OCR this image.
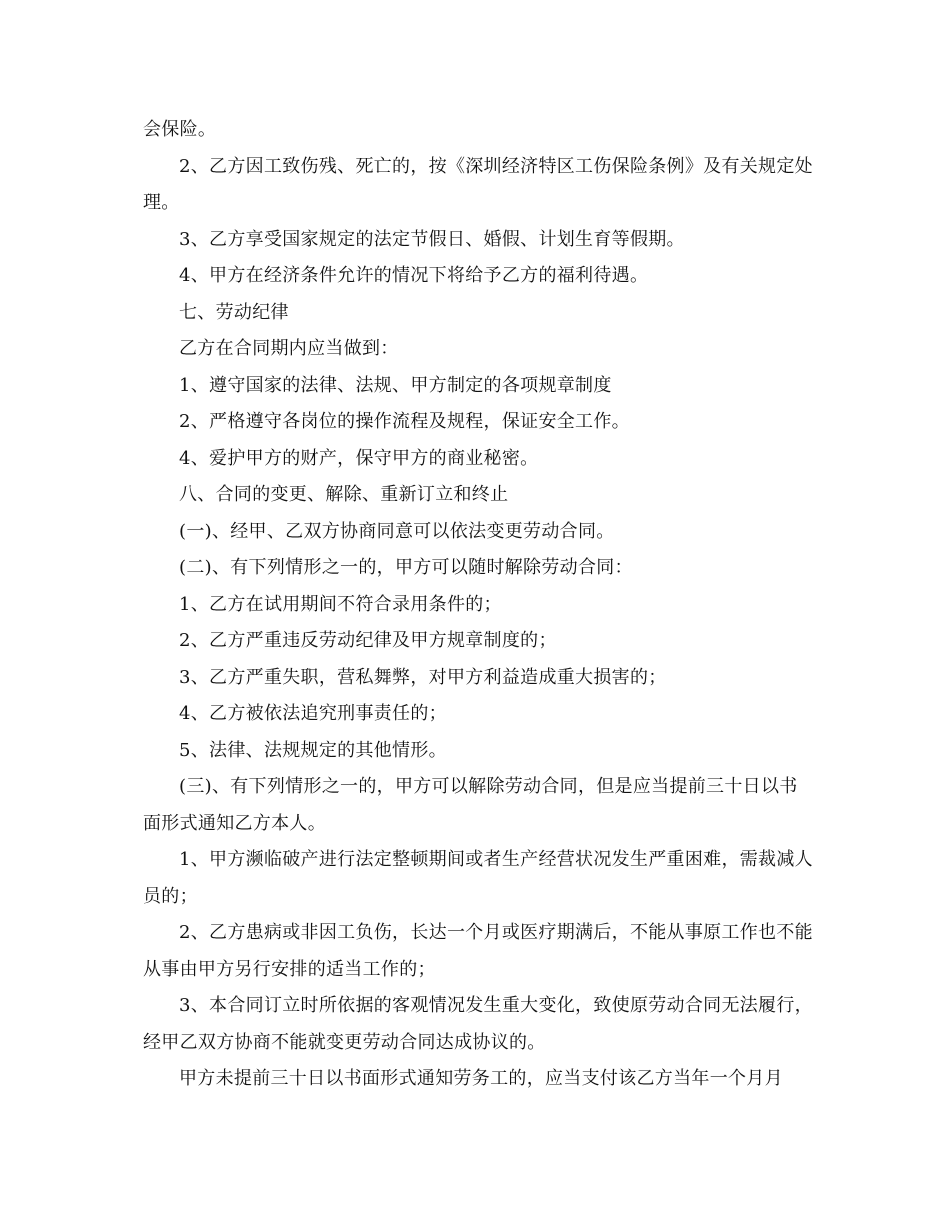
会保险。

2、乙方因工致伤残、死亡的，按《深圳经济特区工伤保险条例》及有关规定处理。

3、乙方享受国家规定的法定节假日、婚假、计划生育等假期。

4、甲方在经济条件允许的情况下将给予乙方的福利待遇。

七、劳动纪律

乙方在合同期内应当做到：

1、遵守国家的法律、法规、甲方制定的各项规章制度

2、严格遵守各岗位的操作流程及规程，保证安全工作。

4、爱护甲方的财产，保守甲方的商业秘密。

八、合同的变更、解除、重新订立和终止

(一)、经甲、乙双方协商同意可以依法变更劳动合同。

(二)、有下列情形之一的，甲方可以随时解除劳动合同：

1、乙方在试用期间不符合录用条件的；

2、乙方严重违反劳动纪律及甲方规章制度的；

3、乙方严重失职，营私舞弊，对甲方利益造成重大损害的；

4、乙方被依法追究刑事责任的；

5、法律、法规规定的其他情形。

(三)、有下列情形之一的，甲方可以解除劳动合同，但是应当提前三十日以书面形式通知乙方本人。

1、甲方濒临破产进行法定整顿期间或者生产经营状况发生严重困难，需裁减人员的；

2、乙方患病或非因工负伤，长达一个月或医疗期满后，不能从事原工作也不能从事由甲方另行安排的适当工作的；

3、本合同订立时所依据的客观情况发生重大变化，致使原劳动合同无法履行，经甲乙双方协商不能就变更劳动合同达成协议的。

甲方未提前三十日以书面形式通知劳务工的，应当支付该乙方当年一个月月
